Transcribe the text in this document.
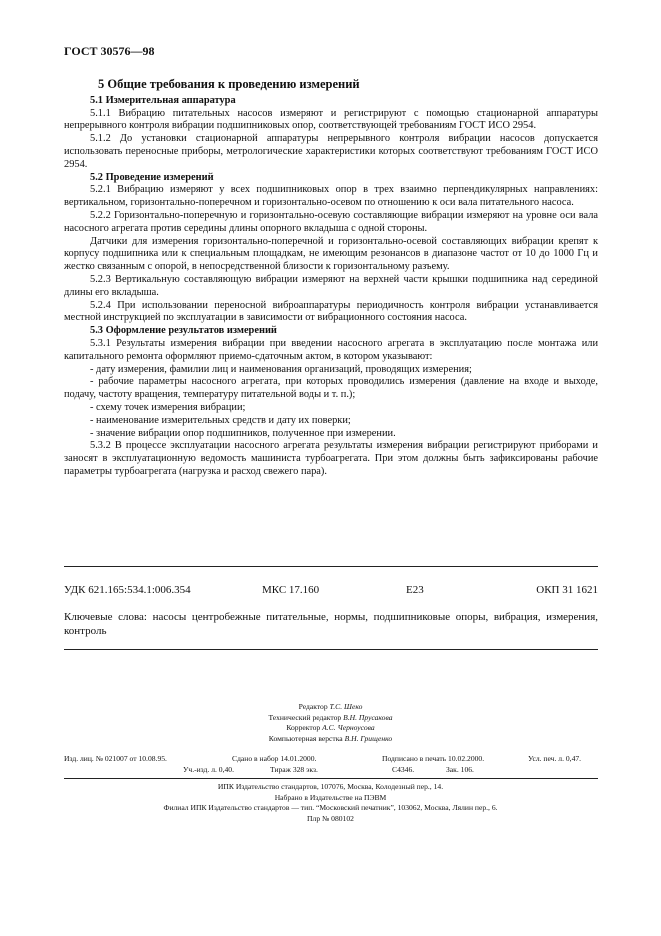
ГОСТ 30576—98
5 Общие требования к проведению измерений
5.1 Измерительная аппаратура

5.1.1 Вибрацию питательных насосов измеряют и регистрируют с помощью стационарной аппаратуры непрерывного контроля вибрации подшипниковых опор, соответствующей требованиям ГОСТ ИСО 2954.

5.1.2 До установки стационарной аппаратуры непрерывного контроля вибрации насосов допускается использовать переносные приборы, метрологические характеристики которых соответствуют требованиям ГОСТ ИСО 2954.

5.2 Проведение измерений

5.2.1 Вибрацию измеряют у всех подшипниковых опор в трех взаимно перпендикулярных направлениях: вертикальном, горизонтально-поперечном и горизонтально-осевом по отношению к оси вала питательного насоса.

5.2.2 Горизонтально-поперечную и горизонтально-осевую составляющие вибрации измеряют на уровне оси вала насосного агрегата против середины длины опорного вкладыша с одной стороны.

Датчики для измерения горизонтально-поперечной и горизонтально-осевой составляющих вибрации крепят к корпусу подшипника или к специальным площадкам, не имеющим резонансов в диапазоне частот от 10 до 1000 Гц и жестко связанным с опорой, в непосредственной близости к горизонтальному разъему.

5.2.3 Вертикальную составляющую вибрации измеряют на верхней части крышки подшипника над серединой длины его вкладыша.

5.2.4 При использовании переносной виброаппаратуры периодичность контроля вибрации устанавливается местной инструкцией по эксплуатации в зависимости от вибрационного состояния насоса.

5.3 Оформление результатов измерений

5.3.1 Результаты измерения вибрации при введении насосного агрегата в эксплуатацию после монтажа или капитального ремонта оформляют приемо-сдаточным актом, в котором указывают:

- дату измерения, фамилии лиц и наименования организаций, проводящих измерения;

- рабочие параметры насосного агрегата, при которых проводились измерения (давление на входе и выходе, подачу, частоту вращения, температуру питательной воды и т. п.);

- схему точек измерения вибрации;

- наименование измерительных средств и дату их поверки;

- значение вибрации опор подшипников, полученное при измерении.

5.3.2 В процессе эксплуатации насосного агрегата результаты измерения вибрации регистрируют приборами и заносят в эксплуатационную ведомость машиниста турбоагрегата. При этом должны быть зафиксированы рабочие параметры турбоагрегата (нагрузка и расход свежего пара).

УДК 621.165:534.1:006.354	МКС 17.160	Е23	ОКП 31 1621
Ключевые слова: насосы центробежные питательные, нормы, подшипниковые опоры, вибрация, измерения, контроль
Редактор Т.С. Шеко
Технический редактор В.Н. Прусакова
Корректор А.С. Черноусова
Компьютерная верстка В.Н. Грищенко
Изд. лиц. № 021007 от 10.08.95.	Сдано в набор 14.01.2000.	Подписано в печать 10.02.2000.	Усл. печ. л. 0,47.
Уч.-изд. л. 0,40.	Тираж 328 экз.	С4346.	Зак. 106.
ИПК Издательство стандартов, 107076, Москва, Колодезный пер., 14.
Набрано в Издательстве на ПЭВМ
Филиал ИПК Издательство стандартов — тип. “Московский печатник”, 103062, Москва, Лялин пер., 6.
Плр № 080102
